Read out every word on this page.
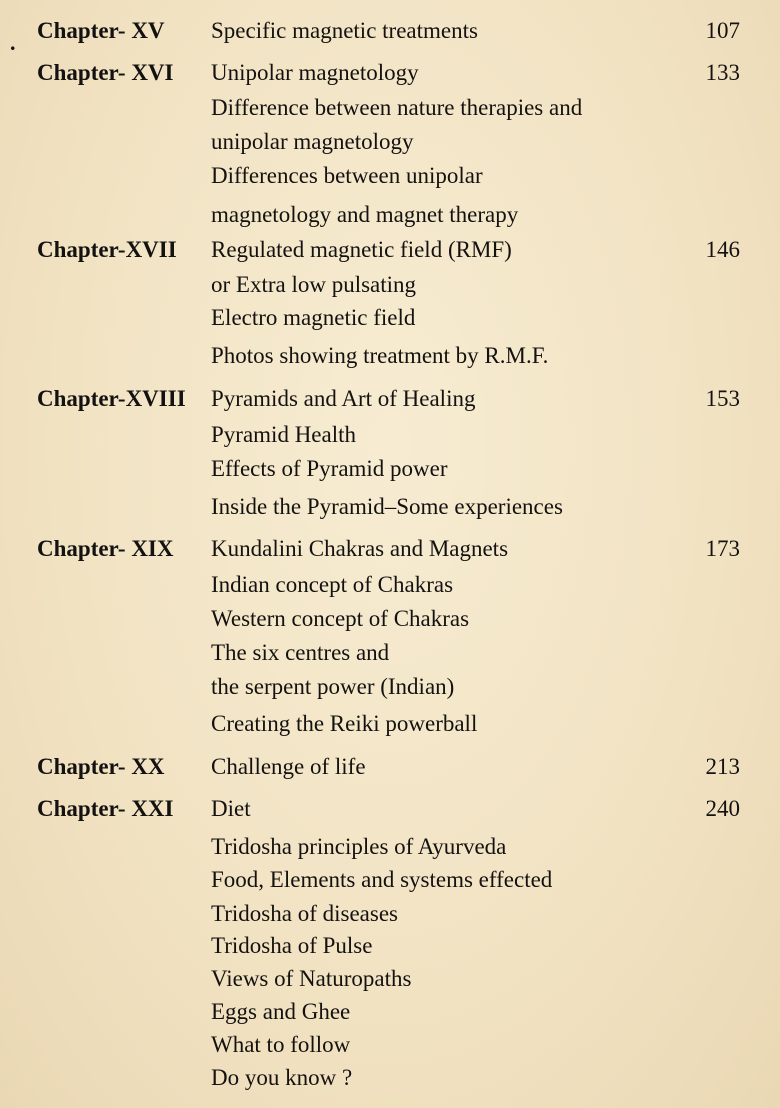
. Chapter- XV Specific magnetic treatments	107
Chapter- XVI Unipolar magnetology
Difference between nature therapies and
unipolar magnetology
Differences between unipolar
magnetology and magnet therapy
133
Chapter-XVII Regulated magnetic field (RMF)
or Extra low pulsating
Electro magnetic field
Photos showing treatment by R.M.F.
146
Chapter-XVIII Pyramids and Art of Healing
Pyramid Health
Effects of Pyramid power
Inside the Pyramid–Some experiences
153
Chapter- XIX Kundalini Chakras and Magnets
Indian concept of Chakras
Western concept of Chakras
The six centres and
the serpent power (Indian)
Creating the Reiki powerball
173
Chapter- XX Challenge of life	213
Chapter- XXI Diet
Tridosha principles of Ayurveda
Food, Elements and systems effected
Tridosha of diseases
Tridosha of Pulse
Views of Naturopaths
Eggs and Ghee
What to follow
Do you know ?
240
